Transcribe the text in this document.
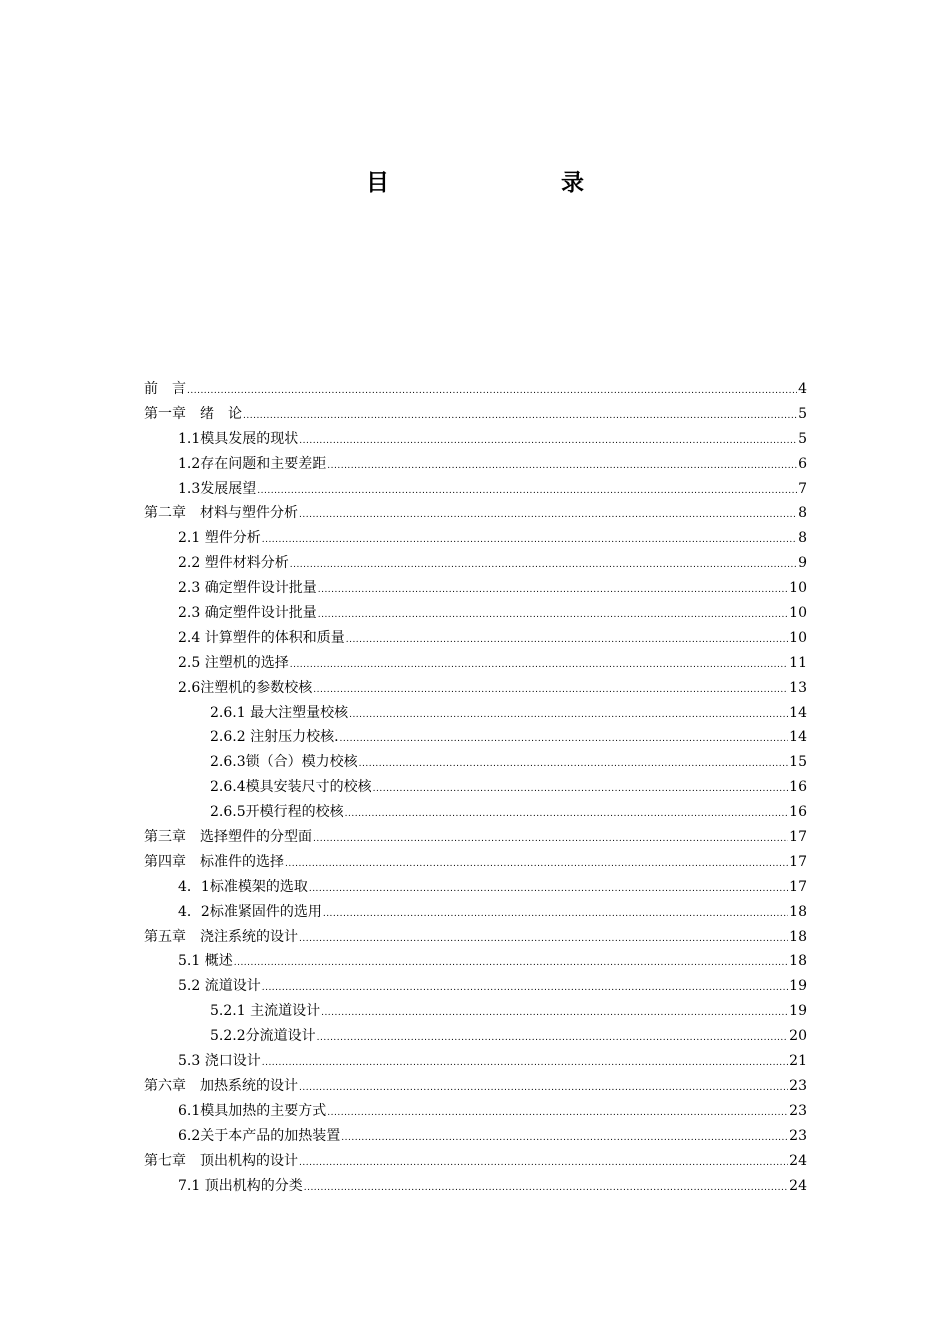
目　　录
前　言 .....	4
第一章　绪　论 .....	5
1.1模具发展的现状 .....	5
1.2存在问题和主要差距 .....	6
1.3发展展望 .....	7
第二章　材料与塑件分析 .....	8
2.1 塑件分析 .....	8
2.2 塑件材料分析 .....	9
2.3 确定塑件设计批量 .....	10
2.3 确定塑件设计批量 .....	10
2.4 计算塑件的体积和质量 .....	10
2.5 注塑机的选择 .....	11
2.6注塑机的参数校核 .....	13
2.6.1 最大注塑量校核 .....	14
2.6.2 注射压力校核. .....	14
2.6.3锁（合）模力校核 .....	15
2.6.4模具安装尺寸的校核 .....	16
2.6.5开模行程的校核 .....	16
第三章　选择塑件的分型面 .....	17
第四章　标准件的选择 .....	17
4．1标准模架的选取 .....	17
4．2标准紧固件的选用 .....	18
第五章　浇注系统的设计 .....	18
5.1 概述 .....	18
5.2 流道设计 .....	19
5.2.1 主流道设计 .....	19
5.2.2分流道设计 .....	20
5.3 浇口设计 .....	21
第六章　加热系统的设计 .....	23
6.1模具加热的主要方式 .....	23
6.2关于本产品的加热装置 .....	23
第七章　顶出机构的设计 .....	24
7.1 顶出机构的分类 .....	24
